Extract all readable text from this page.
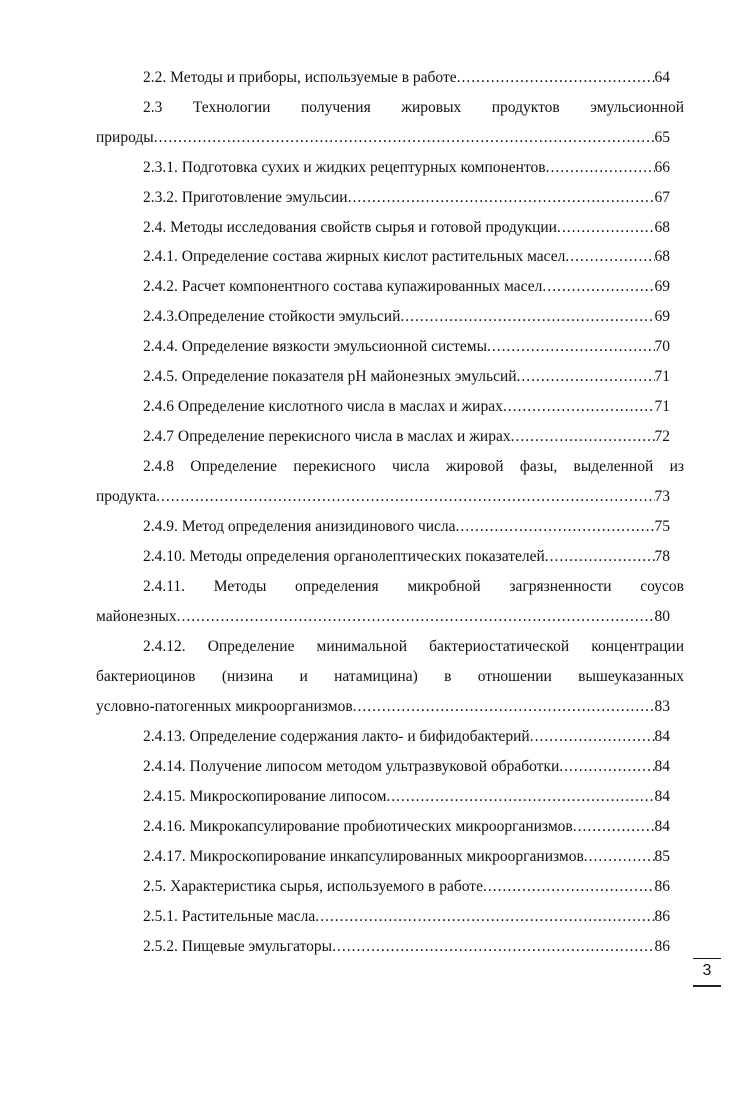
2.2. Методы и приборы, используемые в работе .....	64
2.3 Технологии получения жировых продуктов эмульсионной
природы .....	65
2.3.1. Подготовка сухих и жидких рецептурных компонентов .....	66
2.3.2. Приготовление эмульсии .....	67
2.4. Методы исследования свойств сырья и готовой продукции .....	68
2.4.1. Определение состава жирных кислот растительных масел .....	68
2.4.2. Расчет компонентного состава купажированных масел .....	69
2.4.3.Определение стойкости эмульсий .....	69
2.4.4. Определение вязкости эмульсионной системы .....	70
2.4.5. Определение показателя pH майонезных эмульсий .....	71
2.4.6 Определение кислотного числа в маслах и жирах .....	71
2.4.7 Определение перекисного числа в маслах и жирах .....	72
2.4.8 Определение перекисного числа жировой фазы, выделенной из
продукта .....	73
2.4.9. Метод определения анизидинового числа .....	75
2.4.10. Методы определения органолептических показателей .....	78
2.4.11. Методы определения микробной загрязненности соусов
майонезных .....	80
2.4.12. Определение минимальной бактериостатической концентрации
бактериоцинов (низина и натамицина) в отношении вышеуказанных
условно-патогенных микроорганизмов .....	83
2.4.13. Определение содержания лакто- и бифидобактерий .....	84
2.4.14. Получение липосом методом ультразвуковой обработки .....	84
2.4.15. Микроскопирование липосом .....	84
2.4.16. Микрокапсулирование пробиотических микроорганизмов .....	84
2.4.17. Микроскопирование инкапсулированных микроорганизмов .....	85
2.5. Характеристика сырья, используемого в работе .....	86
2.5.1. Растительные масла .....	86
2.5.2. Пищевые эмульгаторы .....	86
3
